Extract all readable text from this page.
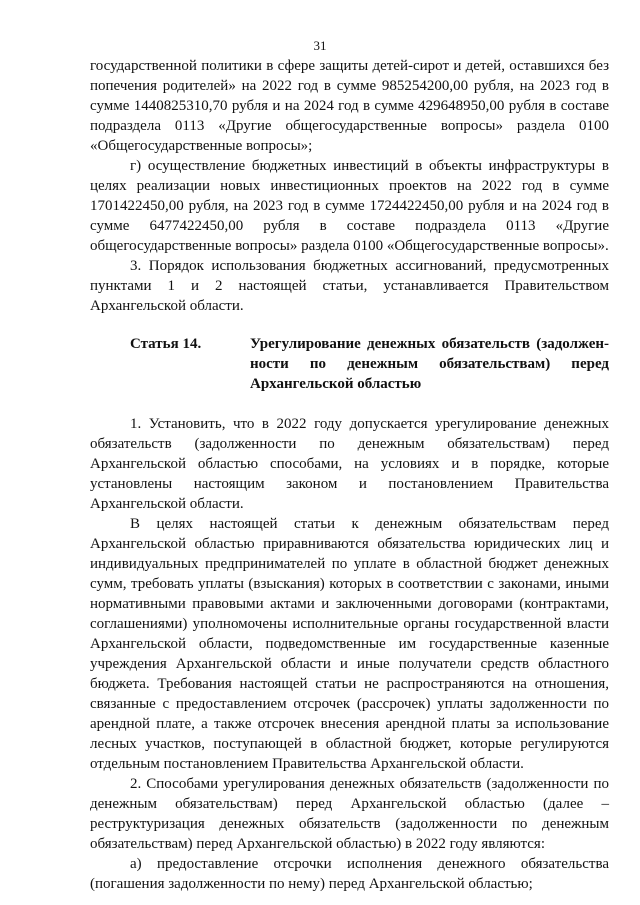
31

государственной политики в сфере защиты детей-сирот и детей, оставшихся без попечения родителей» на 2022 год в сумме 985254200,00 рубля, на 2023 год в сумме 1440825310,70 рубля и на 2024 год в сумме 429648950,00 рубля в составе подраздела 0113 «Другие общегосударственные вопросы» раздела 0100 «Общегосударственные вопросы»;

г) осуществление бюджетных инвестиций в объекты инфраструктуры в целях реализации новых инвестиционных проектов на 2022 год в сумме 1701422450,00 рубля, на 2023 год в сумме 1724422450,00 рубля и на 2024 год в сумме 6477422450,00 рубля в составе подраздела 0113 «Другие общегосударственные вопросы» раздела 0100 «Общегосударственные вопросы».

3. Порядок использования бюджетных ассигнований, предусмотренных пунктами 1 и 2 настоящей статьи, устанавливается Правительством Архангельской области.

Статья 14.	Урегулирование денежных обязательств (задолжен-ности по денежным обязательствам) перед Архангельской областью

1. Установить, что в 2022 году допускается урегулирование денежных обязательств (задолженности по денежным обязательствам) перед Архангельской областью способами, на условиях и в порядке, которые установлены настоящим законом и постановлением Правительства Архангельской области.

В целях настоящей статьи к денежным обязательствам перед Архангельской областью приравниваются обязательства юридических лиц и индивидуальных предпринимателей по уплате в областной бюджет денежных сумм, требовать уплаты (взыскания) которых в соответствии с законами, иными нормативными правовыми актами и заключенными договорами (контрактами, соглашениями) уполномочены исполнительные органы государственной власти Архангельской области, подведомственные им государственные казенные учреждения Архангельской области и иные получатели средств областного бюджета. Требования настоящей статьи не распространяются на отношения, связанные с предоставлением отсрочек (рассрочек) уплаты задолженности по арендной плате, а также отсрочек внесения арендной платы за использование лесных участков, поступающей в областной бюджет, которые регулируются отдельным постановлением Правительства Архангельской области.

2. Способами урегулирования денежных обязательств (задолженности по денежным обязательствам) перед Архангельской областью (далее – реструктуризация денежных обязательств (задолженности по денежным обязательствам) перед Архангельской областью) в 2022 году являются:

а) предоставление отсрочки исполнения денежного обязательства (погашения задолженности по нему) перед Архангельской областью;
